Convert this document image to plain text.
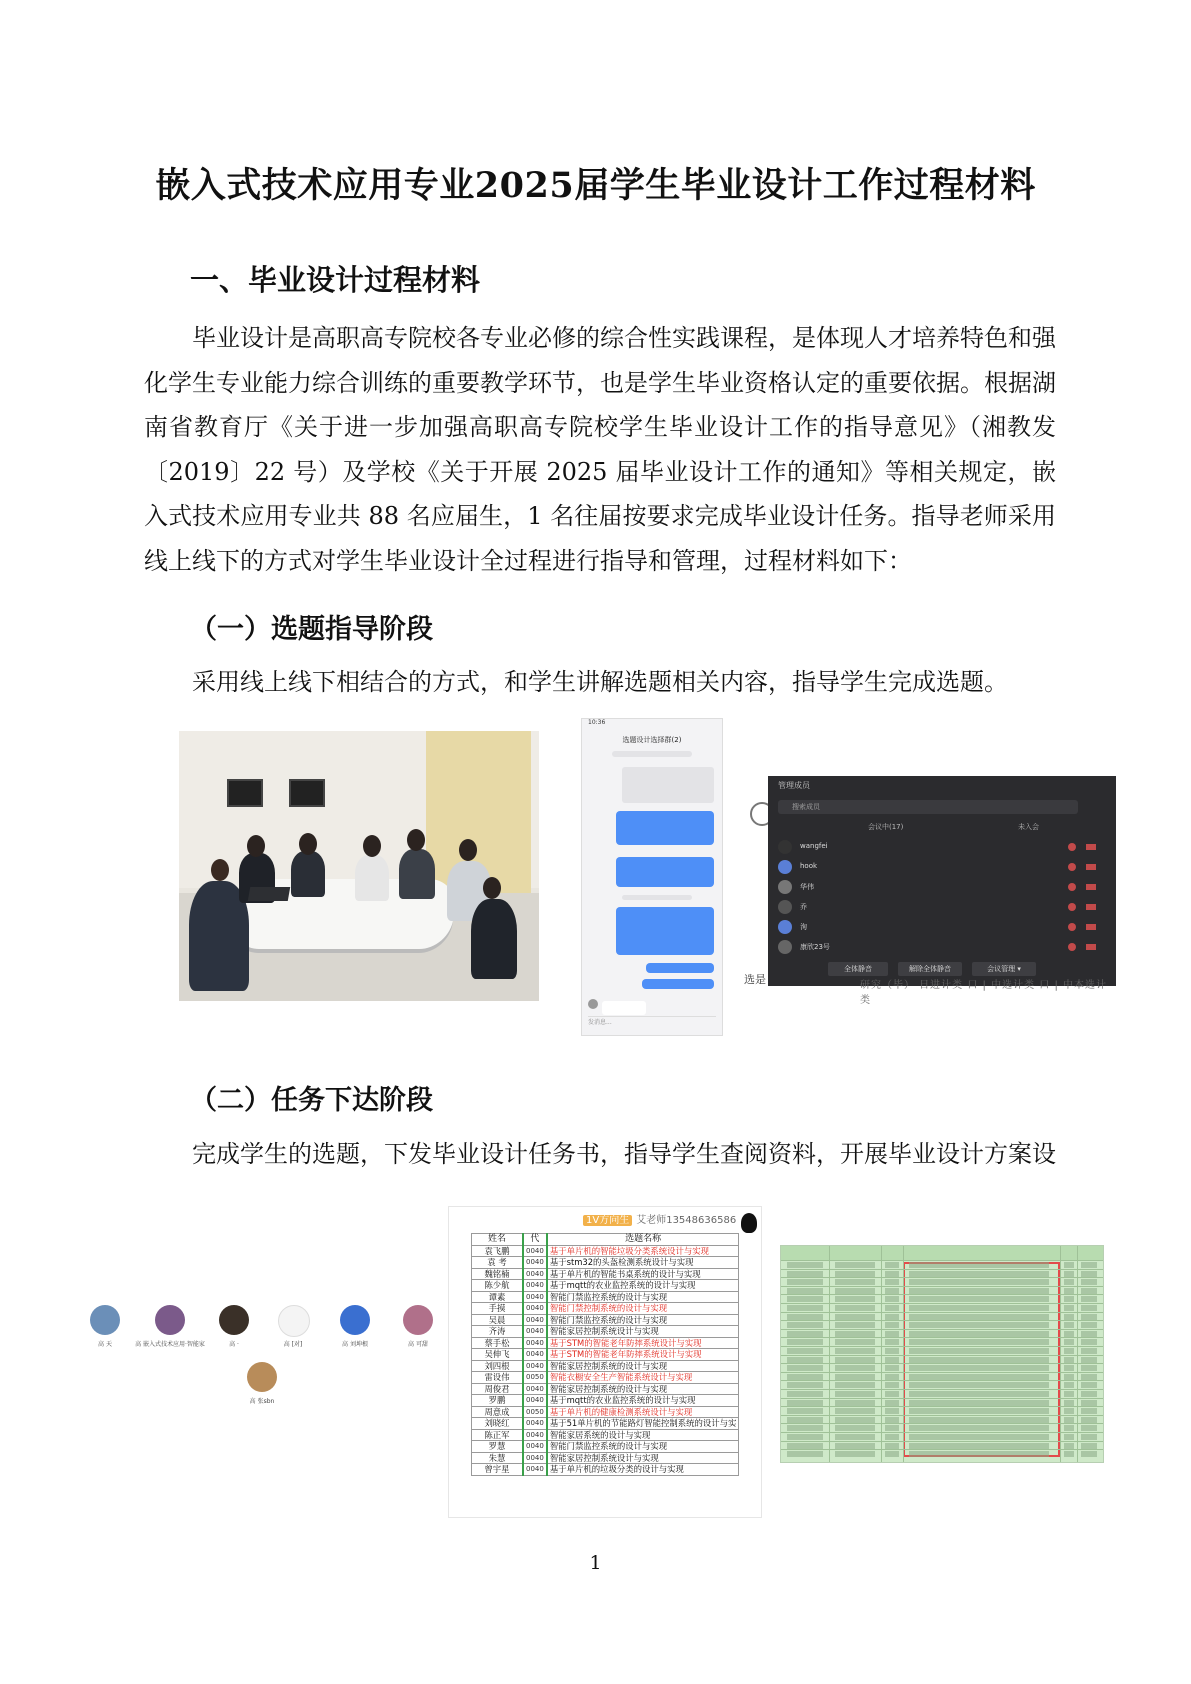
嵌入式技术应用专业2025届学生毕业设计工作过程材料

一、毕业设计过程材料

毕业设计是高职高专院校各专业必修的综合性实践课程，是体现人才培养特色和强化学生专业能力综合训练的重要教学环节，也是学生毕业资格认定的重要依据。根据湖南省教育厅《关于进一步加强高职高专院校学生毕业设计工作的指导意见》（湘教发〔2019〕22 号）及学校《关于开展 2025 届毕业设计工作的通知》等相关规定，嵌入式技术应用专业共 88 名应届生，1 名往届按要求完成毕业设计任务。指导老师采用线上线下的方式对学生毕业设计全过程进行指导和管理，过程材料如下：

（一）选题指导阶段

采用线上线下相结合的方式，和学生讲解选题相关内容，指导学生完成选题。

10:36
选题设计选择群(2)
发消息...
管理成员
搜索成员
会议中(17)	未入会
wangfei
hook
华伟
乔
洵
康欣23号
全体静音	解除全体静音	会议管理 ▾
选是	研究（毕） 日进计类 口 | 中选计类 口 | 中本选计类

（二）任务下达阶段

完成学生的选题，下发毕业设计任务书，指导学生查阅资料，开展毕业设计方案设

高 天	高 嵌入式技术应用·智能家	高 ·	高 [对]	高 刘坤根	高 可甜
高 张sbn
1V方向生 艾老师13548636586
姓名	代	选题名称
袁飞鹏	0040	基于单片机的智能垃圾分类系统设计与实现
袁 考	0040	基于stm32的头盔检测系统设计与实现
魏铭楠	0040	基于单片机的智能书桌系统的设计与实现
陈少航	0040	基于mqtt的农业监控系统的设计与实现
谭素	0040	智能门禁监控系统的设计与实现
手摸	0040	智能门禁控制系统的设计与实现
吴晨	0040	智能门禁监控系统的设计与实现
齐涛	0040	智能家居控制系统设计与实现
蔡手松	0040	基于STM的智能老年防摔系统设计与实现
吴伸飞	0040	基于STM的智能老年防摔系统设计与实现
刘四根	0040	智能家居控制系统的设计与实现
雷设伟	0050	智能衣橱安全生产智能系统设计与实现
周俊君	0040	智能家居控制系统的设计与实现
罗鹏	0040	基于mqtt的农业监控系统的设计与实现
周意成	0050	基于单片机的健康检测系统设计与实现
刘晓红	0040	基于51单片机的节能路灯智能控制系统的设计与实
陈正军	0040	智能家居系统的设计与实现
罗慧	0040	智能门禁监控系统的设计与实现
朱慧	0040	智能家居控制系统设计与实现
曾宇星	0040	基于单片机的垃圾分类的设计与实现
1
